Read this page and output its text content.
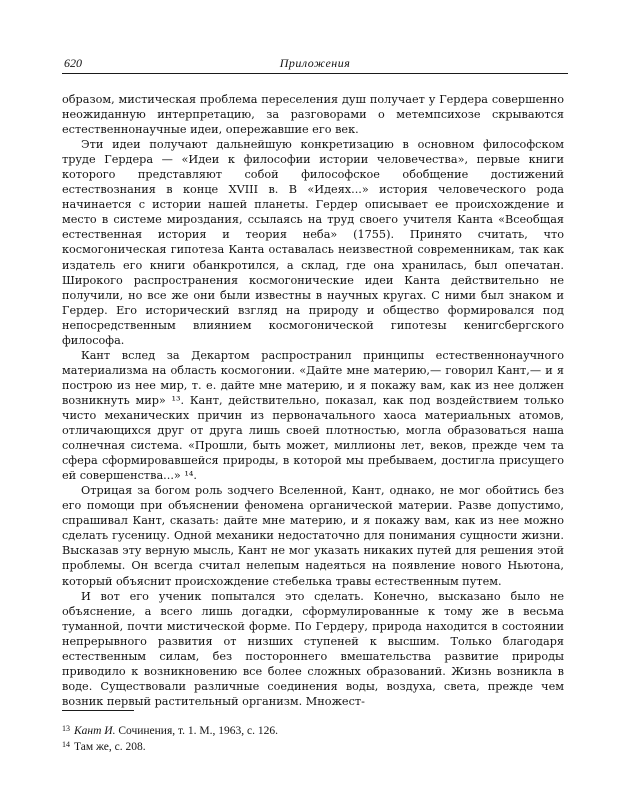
620	Приложения

образом, мистическая проблема переселения душ получает у Гердера совершенно неожиданную интерпретацию, за разговорами о метемпсихозе скрываются естественнонаучные идеи, опережавшие его век.

Эти идеи получают дальнейшую конкретизацию в основном философском труде Гердера — «Идеи к философии истории человечества», первые книги которого представляют собой философское обобщение достижений естествознания в конце XVIII в. В «Идеях...» история человеческого рода начинается с истории нашей планеты. Гердер описывает ее происхождение и место в системе мироздания, ссылаясь на труд своего учителя Канта «Всеобщая естественная история и теория неба» (1755). Принято считать, что космогоническая гипотеза Канта оставалась неизвестной современникам, так как издатель его книги обанкротился, а склад, где она хранилась, был опечатан. Широкого распространения космогонические идеи Канта действительно не получили, но все же они были известны в научных кругах. С ними был знаком и Гердер. Его исторический взгляд на природу и общество формировался под непосредственным влиянием космогонической гипотезы кенигсбергского философа.

Кант вслед за Декартом распространил принципы естественнонаучного материализма на область космогонии. «Дайте мне материю,— говорил Кант,— и я построю из нее мир, т. е. дайте мне материю, и я покажу вам, как из нее должен возникнуть мир» ¹³. Кант, действительно, показал, как под воздействием только чисто механических причин из первоначального хаоса материальных атомов, отличающихся друг от друга лишь своей плотностью, могла образоваться наша солнечная система. «Прошли, быть может, миллионы лет, веков, прежде чем та сфера сформировавшейся природы, в которой мы пребываем, достигла присущего ей совершенства...» ¹⁴.

Отрицая за богом роль зодчего Вселенной, Кант, однако, не мог обойтись без его помощи при объяснении феномена органической материи. Разве допустимо, спрашивал Кант, сказать: дайте мне материю, и я покажу вам, как из нее можно сделать гусеницу. Одной механики недостаточно для понимания сущности жизни. Высказав эту верную мысль, Кант не мог указать никаких путей для решения этой проблемы. Он всегда считал нелепым надеяться на появление нового Ньютона, который объяснит происхождение стебелька травы естественным путем.

И вот его ученик попытался это сделать. Конечно, высказано было не объяснение, а всего лишь догадки, сформулированные к тому же в весьма туманной, почти мистической форме. По Гердеру, природа находится в состоянии непрерывного развития от низших ступеней к высшим. Только благодаря естественным силам, без постороннего вмешательства развитие природы приводило к возникновению все более сложных образований. Жизнь возникла в воде. Существовали различные соединения воды, воздуха, света, прежде чем возник первый растительный организм. Множест-

$^{13}$ Кант И. Сочинения, т. 1. М., 1963, с. 126.

$^{14}$ Там же, с. 208.
